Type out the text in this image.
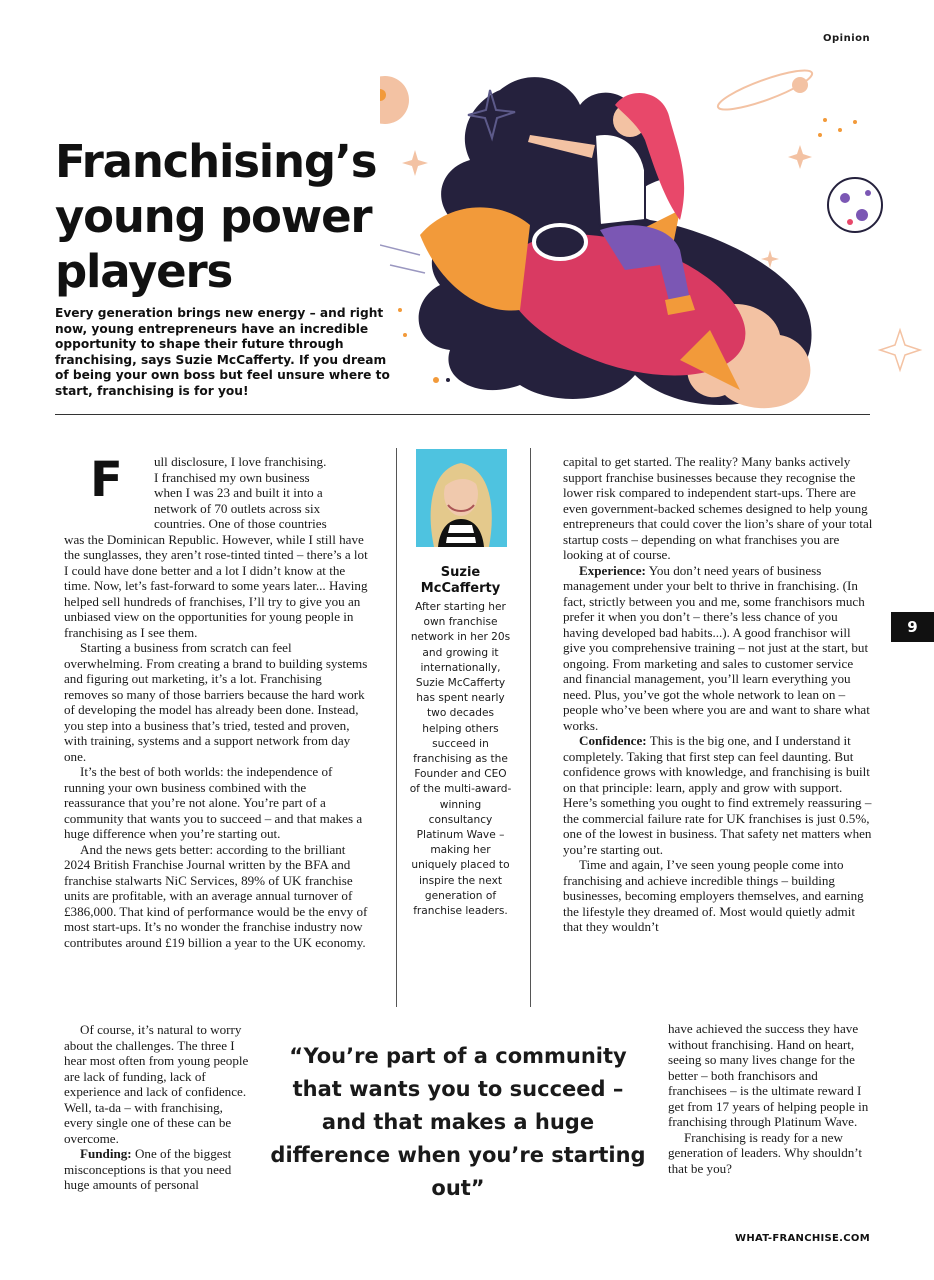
Opinion
9
Franchising’s
young power
players

Every generation brings new energy – and right now, young entrepreneurs have an incredible opportunity to shape their future through franchising, says Suzie McCafferty. If you dream of being your own boss but feel unsure where to start, franchising is for you!

F ull disclosure, I love franchising.
I franchised my own business
when I was 23 and built it into a
network of 70 outlets across six
countries. One of those countries

was the Dominican Republic. However, while I still have the sunglasses, they aren’t rose-tinted tinted – there’s a lot I could have done better and a lot I didn’t know at the time. Now, let’s fast-forward to some years later... Having helped sell hundreds of franchises, I’ll try to give you an unbiased view on the opportunities for young people in franchising as I see them.

Starting a business from scratch can feel overwhelming. From creating a brand to building systems and figuring out marketing, it’s a lot. Franchising removes so many of those barriers because the hard work of developing the model has already been done. Instead, you step into a business that’s tried, tested and proven, with training, systems and a support network from day one.

It’s the best of both worlds: the independence of running your own business combined with the reassurance that you’re not alone. You’re part of a community that wants you to succeed – and that makes a huge difference when you’re starting out.

And the news gets better: according to the brilliant 2024 British Franchise Journal written by the BFA and franchise stalwarts NiC Services, 89% of UK franchise units are profitable, with an average annual turnover of £386,000. That kind of performance would be the envy of most start-ups. It’s no wonder the franchise industry now contributes around £19 billion a year to the UK economy.

Of course, it’s natural to worry about the challenges. The three I hear most often from young people are lack of funding, lack of experience and lack of confidence. Well, ta-da – with franchising, every single one of these can be overcome.

Funding: One of the biggest misconceptions is that you need huge amounts of personal

Suzie
McCafferty
After starting her own franchise network in her 20s and growing it internationally, Suzie McCafferty has spent nearly two decades helping others succeed in franchising as the Founder and CEO of the multi-award-winning consultancy Platinum Wave – making her uniquely placed to inspire the next generation of franchise leaders.

capital to get started. The reality? Many banks actively support franchise businesses because they recognise the lower risk compared to independent start-ups. There are even government-backed schemes designed to help young entrepreneurs that could cover the lion’s share of your total startup costs – depending on what franchises you are looking at of course.

Experience: You don’t need years of business management under your belt to thrive in franchising. (In fact, strictly between you and me, some franchisors much prefer it when you don’t – there’s less chance of you having developed bad habits...). A good franchisor will give you comprehensive training – not just at the start, but ongoing. From marketing and sales to customer service and financial management, you’ll learn everything you need. Plus, you’ve got the whole network to lean on – people who’ve been where you are and want to share what works.

Confidence: This is the big one, and I understand it completely. Taking that first step can feel daunting. But confidence grows with knowledge, and franchising is built on that principle: learn, apply and grow with support. Here’s something you ought to find extremely reassuring – the commercial failure rate for UK franchises is just 0.5%, one of the lowest in business. That safety net matters when you’re starting out.

Time and again, I’ve seen young people come into franchising and achieve incredible things – building businesses, becoming employers themselves, and earning the lifestyle they dreamed of. Most would quietly admit that they wouldn’t

have achieved the success they have without franchising. Hand on heart, seeing so many lives change for the better – both franchisors and franchisees – is the ultimate reward I get from 17 years of helping people in franchising through Platinum Wave.

Franchising is ready for a new generation of leaders. Why shouldn’t that be you?

“You’re part of a community that wants you to succeed – and that makes a huge difference when you’re starting out”
WHAT-FRANCHISE.COM
